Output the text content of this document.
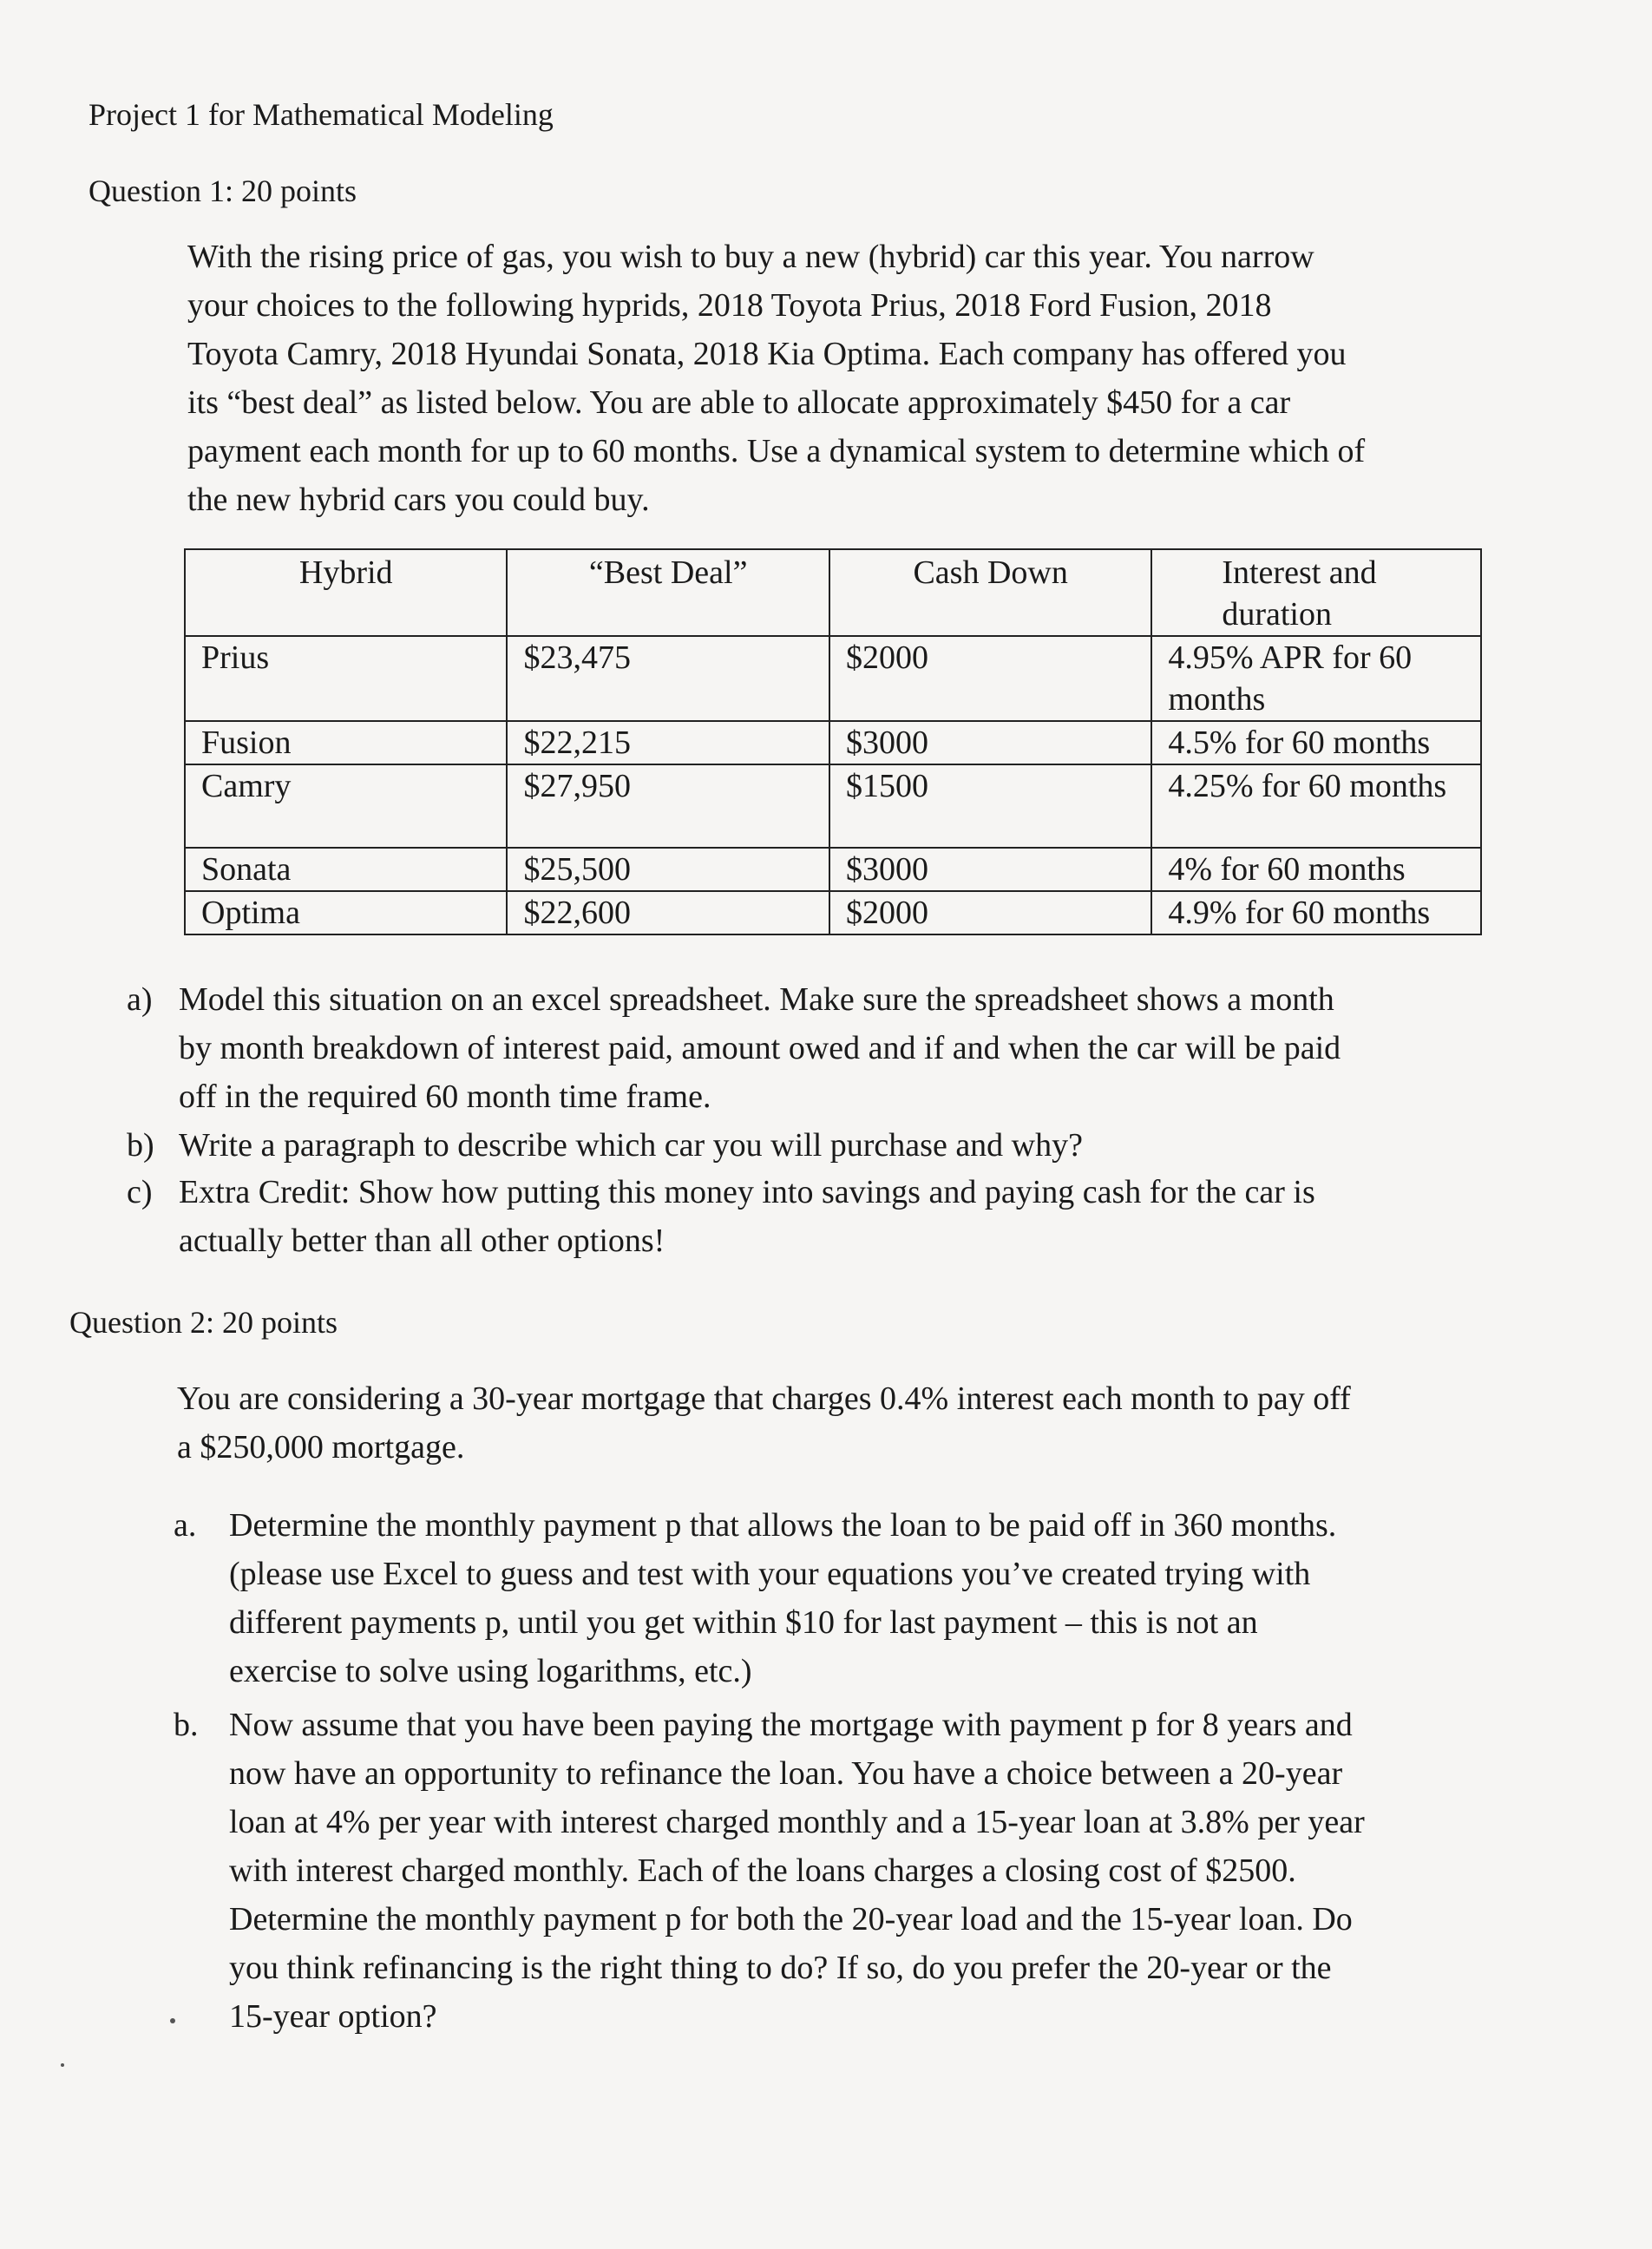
Project 1 for Mathematical Modeling

Question 1: 20 points

With the rising price of gas, you wish to buy a new (hybrid) car this year. You narrow
your choices to the following hyprids, 2018 Toyota Prius, 2018 Ford Fusion, 2018
Toyota Camry, 2018 Hyundai Sonata, 2018 Kia Optima. Each company has offered you
its “best deal” as listed below. You are able to allocate approximately $450 for a car
payment each month for up to 60 months. Use a dynamical system to determine which of
the new hybrid cars you could buy.
Hybrid	“Best Deal”	Cash Down	Interest and duration
Prius	$23,475	$2000	4.95% APR for 60 months
Fusion	$22,215	$3000	4.5% for 60 months
Camry	$27,950	$1500	4.25% for 60 months
Sonata	$25,500	$3000	4% for 60 months
Optima	$22,600	$2000	4.9% for 60 months
a) Model this situation on an excel spreadsheet. Make sure the spreadsheet shows a month
by month breakdown of interest paid, amount owed and if and when the car will be paid
off in the required 60 month time frame.
b) Write a paragraph to describe which car you will purchase and why?
c) Extra Credit: Show how putting this money into savings and paying cash for the car is
actually better than all other options!

Question 2: 20 points

You are considering a 30-year mortgage that charges 0.4% interest each month to pay off
a $250,000 mortgage.
a. Determine the monthly payment p that allows the loan to be paid off in 360 months.
(please use Excel to guess and test with your equations you’ve created trying with
different payments p, until you get within $10 for last payment – this is not an
exercise to solve using logarithms, etc.)
b. Now assume that you have been paying the mortgage with payment p for 8 years and
now have an opportunity to refinance the loan. You have a choice between a 20-year
loan at 4% per year with interest charged monthly and a 15-year loan at 3.8% per year
with interest charged monthly. Each of the loans charges a closing cost of $2500.
Determine the monthly payment p for both the 20-year load and the 15-year loan. Do
you think refinancing is the right thing to do? If so, do you prefer the 20-year or the
15-year option?
